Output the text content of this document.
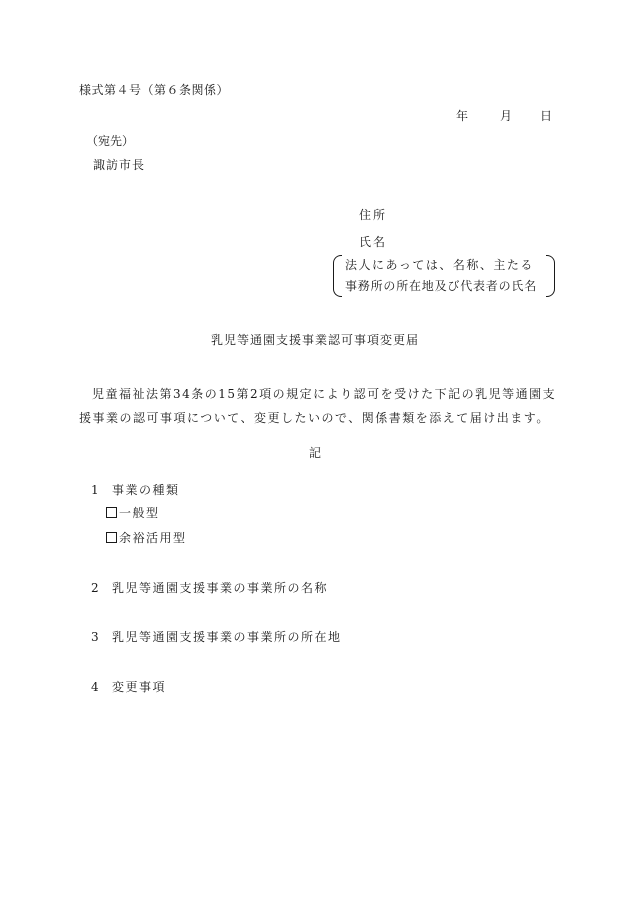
様式第４号（第６条関係）
年	月 日
（宛先）
諏訪市長
住所
氏名
法人にあっては、名称、主たる
事務所の所在地及び代表者の氏名
乳児等通園支援事業認可事項変更届

児童福祉法第34条の15第2項の規定により認可を受けた下記の乳児等通園支援事業の認可事項について、変更したいので、関係書類を添えて届け出ます。

記
1 事業の種類
一般型
余裕活用型
2 乳児等通園支援事業の事業所の名称
3 乳児等通園支援事業の事業所の所在地
4 変更事項
